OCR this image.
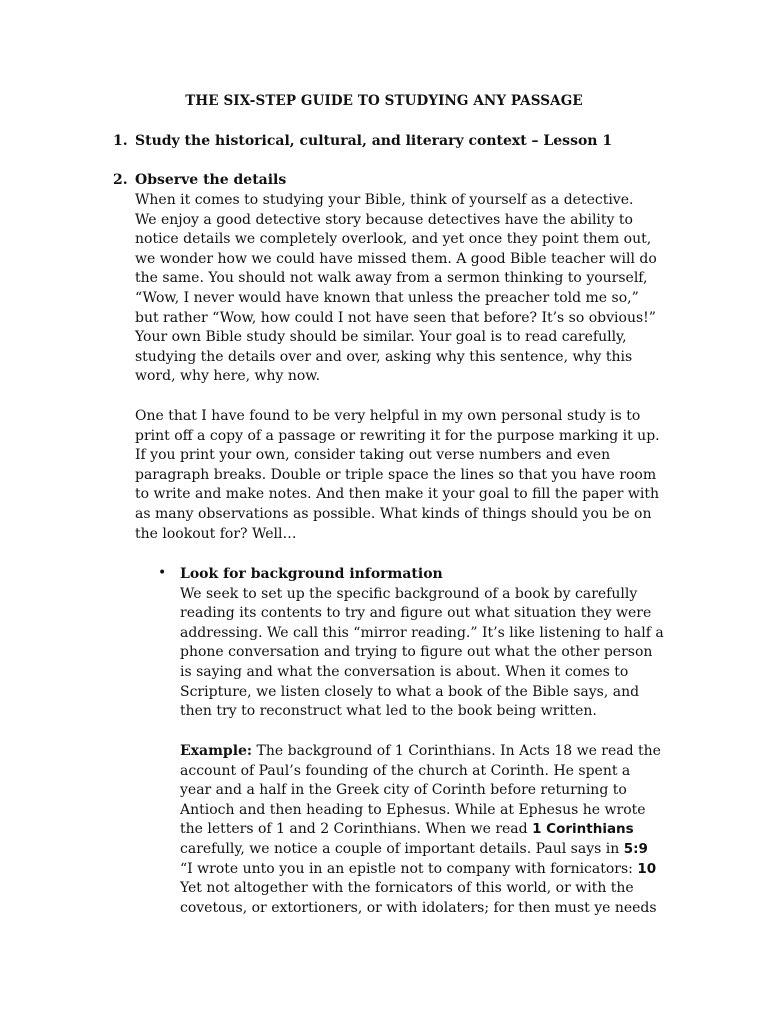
THE SIX-STEP GUIDE TO STUDYING ANY PASSAGE
1. Study the historical, cultural, and literary context – Lesson 1
2. Observe the details
When it comes to studying your Bible, think of yourself as a detective.
We enjoy a good detective story because detectives have the ability to
notice details we completely overlook, and yet once they point them out,
we wonder how we could have missed them. A good Bible teacher will do
the same. You should not walk away from a sermon thinking to yourself,
“Wow, I never would have known that unless the preacher told me so,”
but rather “Wow, how could I not have seen that before? It’s so obvious!”
Your own Bible study should be similar. Your goal is to read carefully,
studying the details over and over, asking why this sentence, why this
word, why here, why now.
One that I have found to be very helpful in my own personal study is to
print off a copy of a passage or rewriting it for the purpose marking it up.
If you print your own, consider taking out verse numbers and even
paragraph breaks. Double or triple space the lines so that you have room
to write and make notes. And then make it your goal to fill the paper with
as many observations as possible. What kinds of things should you be on
the lookout for? Well…
• Look for background information
We seek to set up the specific background of a book by carefully
reading its contents to try and figure out what situation they were
addressing. We call this “mirror reading.” It’s like listening to half a
phone conversation and trying to figure out what the other person
is saying and what the conversation is about. When it comes to
Scripture, we listen closely to what a book of the Bible says, and
then try to reconstruct what led to the book being written.
Example: The background of 1 Corinthians. In Acts 18 we read the
account of Paul’s founding of the church at Corinth. He spent a
year and a half in the Greek city of Corinth before returning to
Antioch and then heading to Ephesus. While at Ephesus he wrote
the letters of 1 and 2 Corinthians. When we read 1 Corinthians
carefully, we notice a couple of important details. Paul says in 5:9
“I wrote unto you in an epistle not to company with fornicators: 10
Yet not altogether with the fornicators of this world, or with the
covetous, or extortioners, or with idolaters; for then must ye needs
